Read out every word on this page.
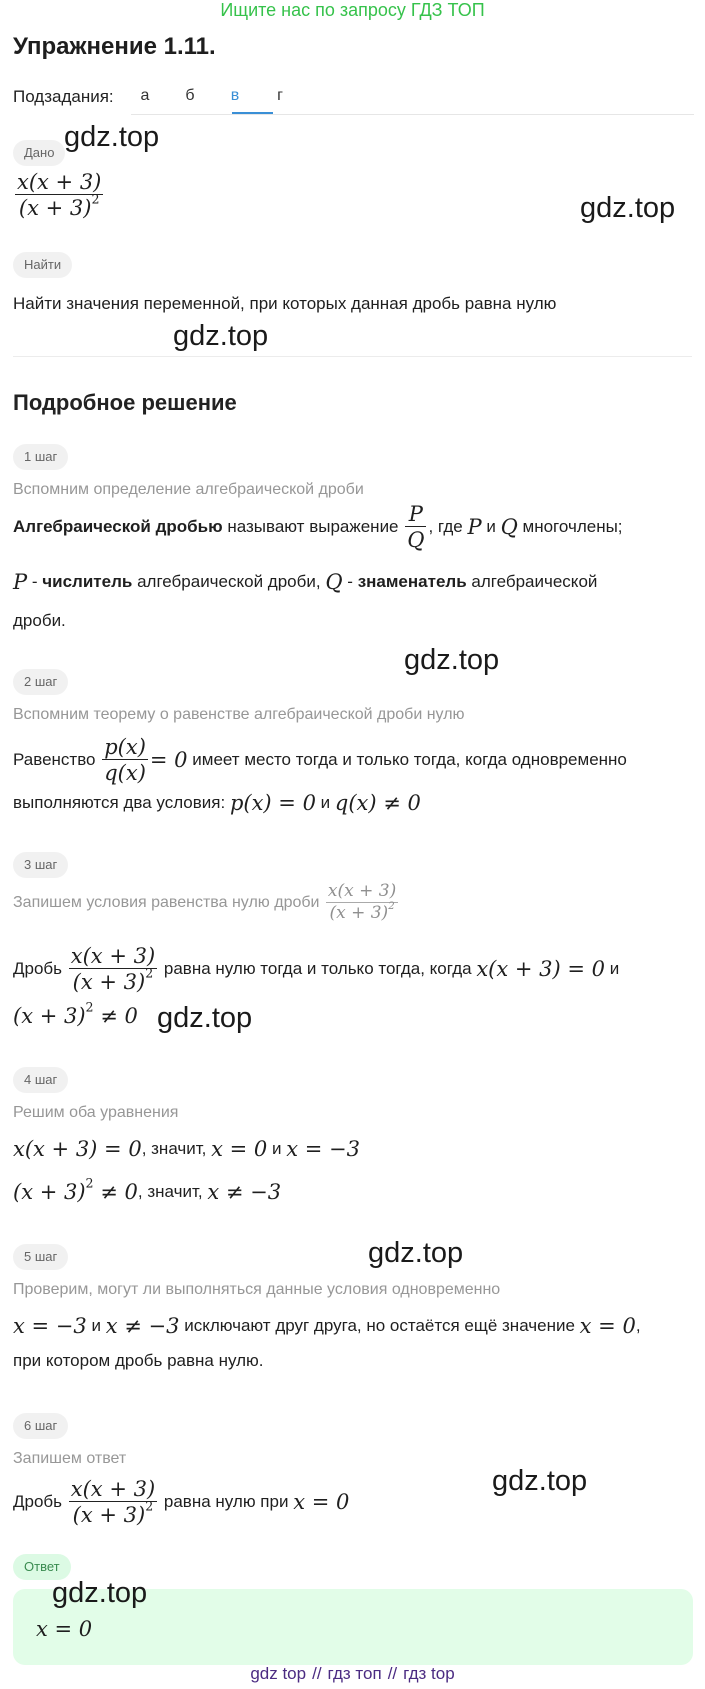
Ищите нас по запросу ГДЗ ТОП
Упражнение 1.11.
Подзадания:	а	б	в	г
Дано
$\frac{x(x + 3)}{(x + 3)^2}$
Найти
Найти значения переменной, при которых данная дробь равна нулю
Подробное решение
1 шаг
Вспомним определение алгебраической дроби
Алгебраической дробью
называют выражение
$\frac{P}{Q}$ , где
P
и
Q
многочлены;
P
-
числитель
алгебраической дроби,
Q
-
знаменатель
алгебраической
дроби.
2 шаг
Вспомним теорему о равенстве алгебраической дроби нулю
Равенство
$\frac{p(x)}{q(x)} = 0$
имеет место тогда и только тогда, когда одновременно
выполняются два условия:
p(x) = 0
и
q(x) ≠ 0
3 шаг
Запишем условия равенства нулю дроби
$\frac{x(x + 3)}{(x + 3)^2}$
Дробь
$\frac{x(x + 3)}{(x + 3)^2}$
равна нулю тогда и только тогда, когда
x(x + 3) = 0
и
$(x + 3)^2 \ne 0$
4 шаг
Решим оба уравнения
x(x + 3) = 0 , значит,
x = 0
и
x = −3
$(x + 3)^2 \ne 0$ , значит,
x ≠ −3
5 шаг
Проверим, могут ли выполняться данные условия одновременно
x = −3
и
x ≠ −3
исключают друг друга, но остаётся ещё значение
x = 0 ,
при котором дробь равна нулю.
6 шаг
Запишем ответ
Дробь
$\frac{x(x + 3)}{(x + 3)^2}$
равна нулю при
x = 0
Ответ
x = 0
gdz.top
gdz.top
gdz.top
gdz.top
gdz.top
gdz.top
gdz.top
gdz.top
gdz top // гдз топ // гдз top
